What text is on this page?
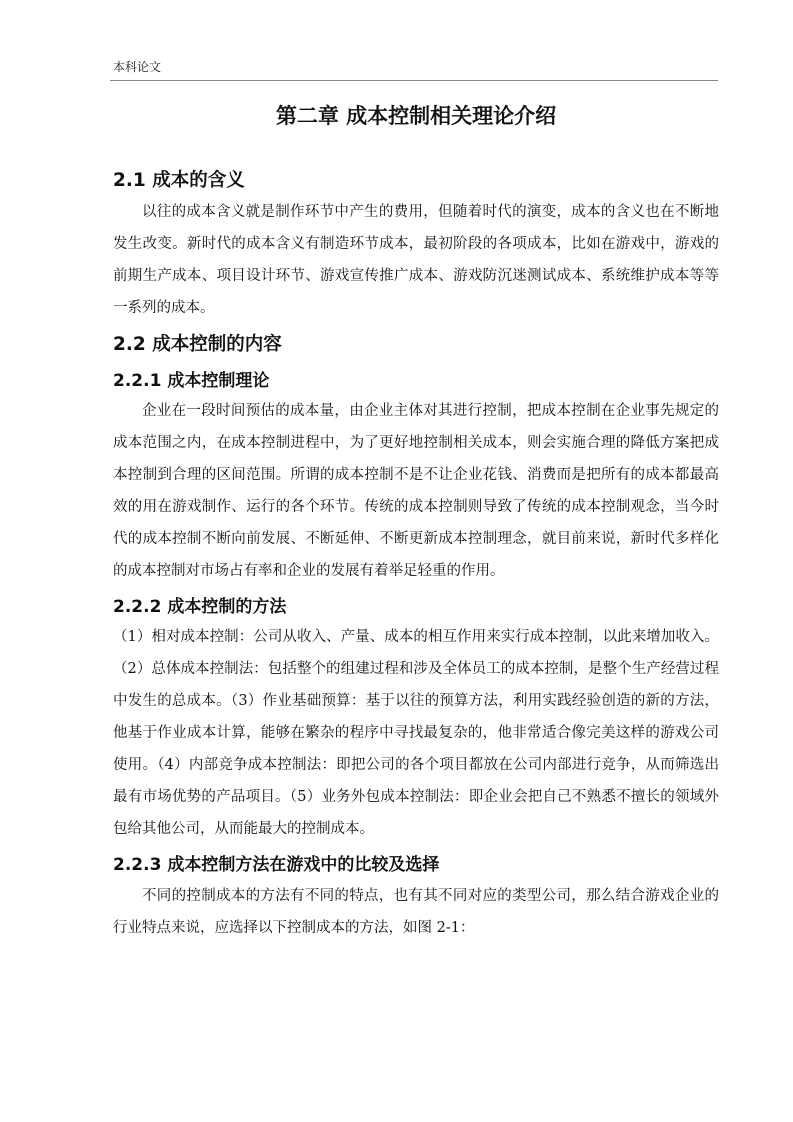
本科论文
第二章 成本控制相关理论介绍
2.1 成本的含义

以往的成本含义就是制作环节中产生的费用，但随着时代的演变，成本的含义也在不断地发生改变。新时代的成本含义有制造环节成本，最初阶段的各项成本，比如在游戏中，游戏的前期生产成本、项目设计环节、游戏宣传推广成本、游戏防沉迷测试成本、系统维护成本等等一系列的成本。

2.2 成本控制的内容
2.2.1 成本控制理论

企业在一段时间预估的成本量，由企业主体对其进行控制，把成本控制在企业事先规定的成本范围之内，在成本控制进程中，为了更好地控制相关成本，则会实施合理的降低方案把成本控制到合理的区间范围。所谓的成本控制不是不让企业花钱、消费而是把所有的成本都最高效的用在游戏制作、运行的各个环节。传统的成本控制则导致了传统的成本控制观念，当今时代的成本控制不断向前发展、不断延伸、不断更新成本控制理念，就目前来说，新时代多样化的成本控制对市场占有率和企业的发展有着举足轻重的作用。

2.2.2 成本控制的方法

（1）相对成本控制：公司从收入、产量、成本的相互作用来实行成本控制，以此来增加收入。（2）总体成本控制法：包括整个的组建过程和涉及全体员工的成本控制，是整个生产经营过程中发生的总成本。（3）作业基础预算：基于以往的预算方法，利用实践经验创造的新的方法，他基于作业成本计算，能够在繁杂的程序中寻找最复杂的，他非常适合像完美这样的游戏公司使用。（4）内部竞争成本控制法：即把公司的各个项目都放在公司内部进行竞争，从而筛选出最有市场优势的产品项目。（5）业务外包成本控制法：即企业会把自己不熟悉不擅长的领域外包给其他公司，从而能最大的控制成本。

2.2.3 成本控制方法在游戏中的比较及选择

不同的控制成本的方法有不同的特点，也有其不同对应的类型公司，那么结合游戏企业的行业特点来说，应选择以下控制成本的方法，如图 2-1：
